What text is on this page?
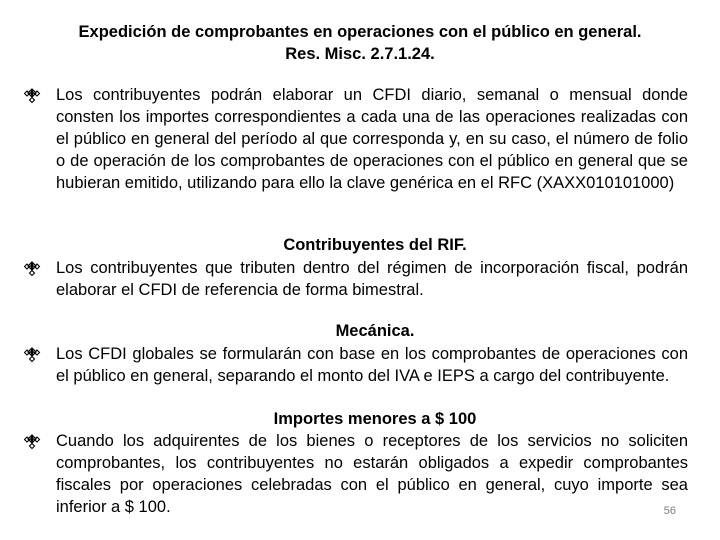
Expedición de comprobantes en operaciones con el público en general.
Res. Misc. 2.7.1.24.
Los contribuyentes podrán elaborar un CFDI diario, semanal o mensual donde consten los importes correspondientes a cada una de las operaciones realizadas con el público en general del período al que corresponda y, en su caso, el número de folio o de operación de los comprobantes de operaciones con el público en general que se hubieran emitido, utilizando para ello la clave genérica en el RFC (XAXX010101000)
Contribuyentes del RIF.
Los contribuyentes que tributen dentro del régimen de incorporación fiscal, podrán elaborar el CFDI de referencia de forma bimestral.
Mecánica.
Los CFDI globales se formularán con base en los comprobantes de operaciones con el público en general, separando el monto del IVA e IEPS a cargo del contribuyente.
Importes menores a $ 100
Cuando los adquirentes de los bienes o receptores de los servicios no soliciten comprobantes, los contribuyentes no estarán obligados a expedir comprobantes fiscales por operaciones celebradas con el público en general, cuyo importe sea inferior a $ 100.	56
